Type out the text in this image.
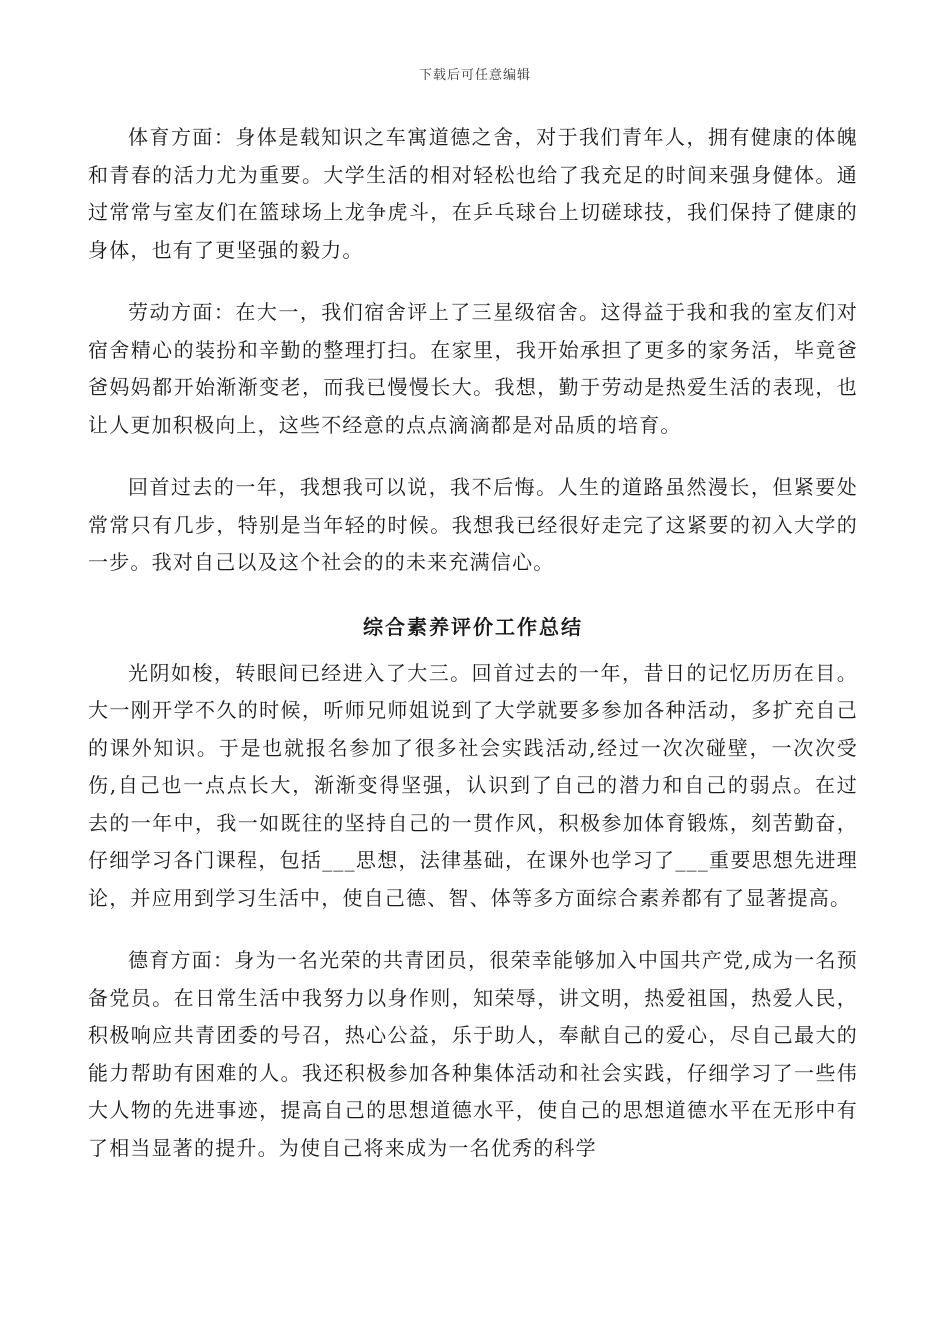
下载后可任意编辑

体育方面：身体是载知识之车寓道德之舍，对于我们青年人，拥有健康的体魄和青春的活力尤为重要。大学生活的相对轻松也给了我充足的时间来强身健体。通过常常与室友们在篮球场上龙争虎斗，在乒乓球台上切磋球技，我们保持了健康的身体，也有了更坚强的毅力。

劳动方面：在大一，我们宿舍评上了三星级宿舍。这得益于我和我的室友们对宿舍精心的装扮和辛勤的整理打扫。在家里，我开始承担了更多的家务活，毕竟爸爸妈妈都开始渐渐变老，而我已慢慢长大。我想，勤于劳动是热爱生活的表现，也让人更加积极向上，这些不经意的点点滴滴都是对品质的培育。

回首过去的一年，我想我可以说，我不后悔。人生的道路虽然漫长，但紧要处常常只有几步，特别是当年轻的时候。我想我已经很好走完了这紧要的初入大学的一步。我对自己以及这个社会的的未来充满信心。

综合素养评价工作总结

光阴如梭，转眼间已经进入了大三。回首过去的一年，昔日的记忆历历在目。大一刚开学不久的时候，听师兄师姐说到了大学就要多参加各种活动，多扩充自己的课外知识。于是也就报名参加了很多社会实践活动,经过一次次碰壁，一次次受伤,自己也一点点长大，渐渐变得坚强，认识到了自己的潜力和自己的弱点。在过去的一年中，我一如既往的坚持自己的一贯作风，积极参加体育锻炼，刻苦勤奋，仔细学习各门课程，包括___思想，法律基础，在课外也学习了___重要思想先进理论，并应用到学习生活中，使自己德、智、体等多方面综合素养都有了显著提高。

德育方面：身为一名光荣的共青团员，很荣幸能够加入中国共产党,成为一名预备党员。在日常生活中我努力以身作则，知荣辱，讲文明，热爱祖国，热爱人民，积极响应共青团委的号召，热心公益，乐于助人，奉献自己的爱心，尽自己最大的能力帮助有困难的人。我还积极参加各种集体活动和社会实践，仔细学习了一些伟大人物的先进事迹，提高自己的思想道德水平，使自己的思想道德水平在无形中有了相当显著的提升。为使自己将来成为一名优秀的科学
